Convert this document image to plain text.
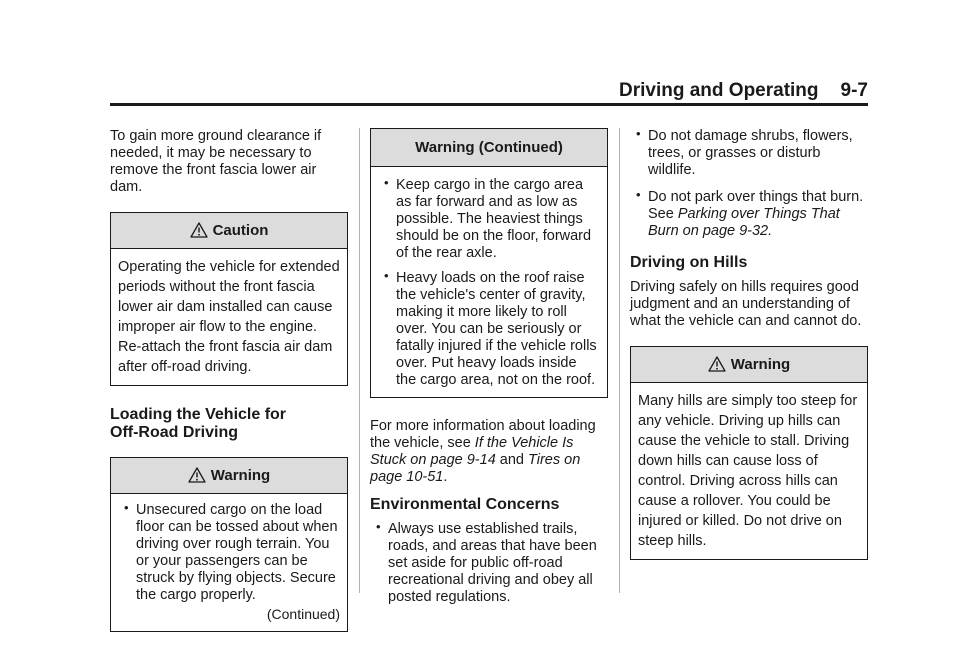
Driving and Operating 9-7

To gain more ground clearance if needed, it may be necessary to remove the front fascia lower air dam.

Caution
Operating the vehicle for extended periods without the front fascia lower air dam installed can cause improper air flow to the engine. Re-attach the front fascia air dam after off-road driving.
Loading the Vehicle for Off-Road Driving
Warning
• Unsecured cargo on the load floor can be tossed about when driving over rough terrain. You or your passengers can be struck by flying objects. Secure the cargo properly.
(Continued)
Warning (Continued)
• Keep cargo in the cargo area as far forward and as low as possible. The heaviest things should be on the floor, forward of the rear axle.
• Heavy loads on the roof raise the vehicle's center of gravity, making it more likely to roll over. You can be seriously or fatally injured if the vehicle rolls over. Put heavy loads inside the cargo area, not on the roof.

For more information about loading the vehicle, see If the Vehicle Is Stuck on page 9-14 and Tires on page 10-51.

Environmental Concerns
• Always use established trails, roads, and areas that have been set aside for public off-road recreational driving and obey all posted regulations.
• Do not damage shrubs, flowers, trees, or grasses or disturb wildlife.
• Do not park over things that burn. See Parking over Things That Burn on page 9-32.
Driving on Hills

Driving safely on hills requires good judgment and an understanding of what the vehicle can and cannot do.

Warning
Many hills are simply too steep for any vehicle. Driving up hills can cause the vehicle to stall. Driving down hills can cause loss of control. Driving across hills can cause a rollover. You could be injured or killed. Do not drive on steep hills.
